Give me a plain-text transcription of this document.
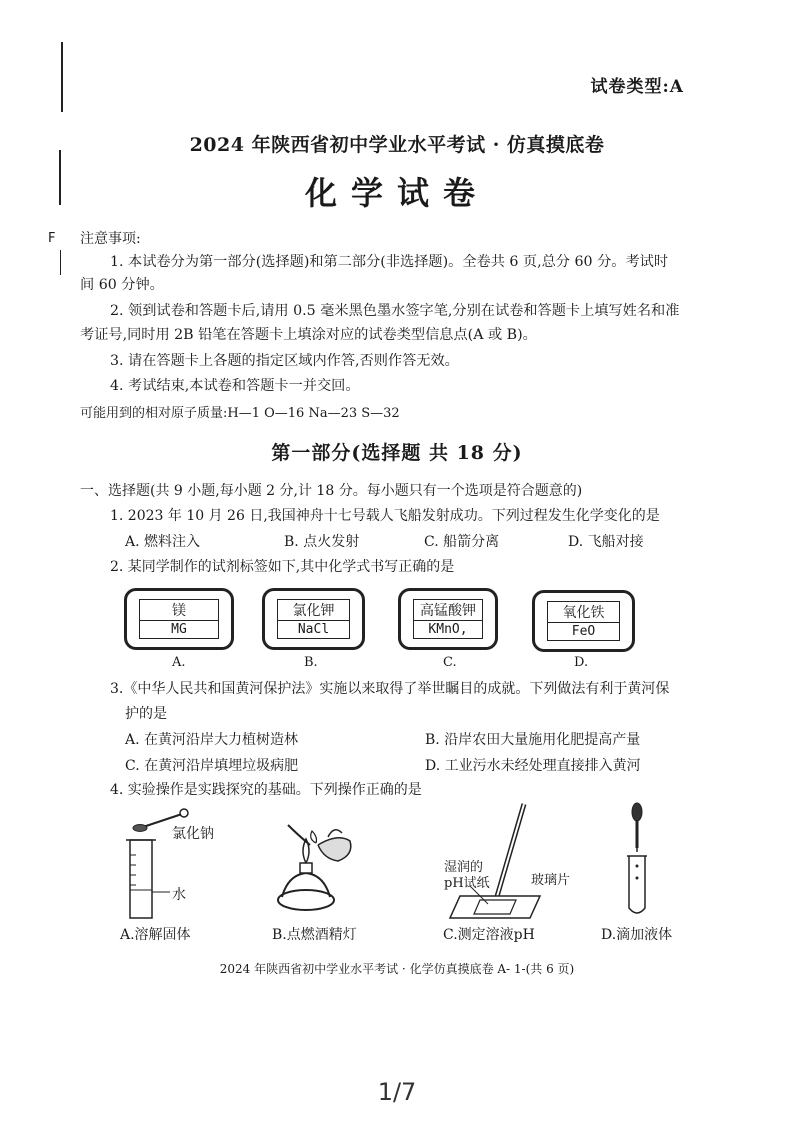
F
试卷类型:A
2024 年陕西省初中学业水平考试 · 仿真摸底卷
化学试卷
注意事项:
1. 本试卷分为第一部分(选择题)和第二部分(非选择题)。全卷共 6 页,总分 60 分。考试时
间 60 分钟。
2. 领到试卷和答题卡后,请用 0.5 毫米黑色墨水签字笔,分别在试卷和答题卡上填写姓名和准
考证号,同时用 2B 铅笔在答题卡上填涂对应的试卷类型信息点(A 或 B)。
3. 请在答题卡上各题的指定区域内作答,否则作答无效。
4. 考试结束,本试卷和答题卡一并交回。
可能用到的相对原子质量:H—1 O—16 Na—23 S—32
第一部分(选择题 共 18 分)
一、选择题(共 9 小题,每小题 2 分,计 18 分。每小题只有一个选项是符合题意的)
1. 2023 年 10 月 26 日,我国神舟十七号载人飞船发射成功。下列过程发生化学变化的是
A. 燃料注入	B. 点火发射	C. 船箭分离	D. 飞船对接
2. 某同学制作的试剂标签如下,其中化学式书写正确的是
镁
MG
氯化钾
NaCl
高锰酸钾
KMnO,
氧化铁
FeO
A.	B.	C.	D.
3.《中华人民共和国黄河保护法》实施以来取得了举世瞩目的成就。下列做法有利于黄河保
护的是
A. 在黄河沿岸大力植树造林	B. 沿岸农田大量施用化肥提高产量
C. 在黄河沿岸填埋垃圾病肥	D. 工业污水未经处理直接排入黄河
4. 实验操作是实践探究的基础。下列操作正确的是
氯化钠
水
湿润的
pH试纸	玻璃片
A.溶解固体	B.点燃酒精灯	C.测定溶液pH	D.滴加液体
2024 年陕西省初中学业水平考试 · 化学仿真摸底卷 A- 1-(共 6 页)
1/7
